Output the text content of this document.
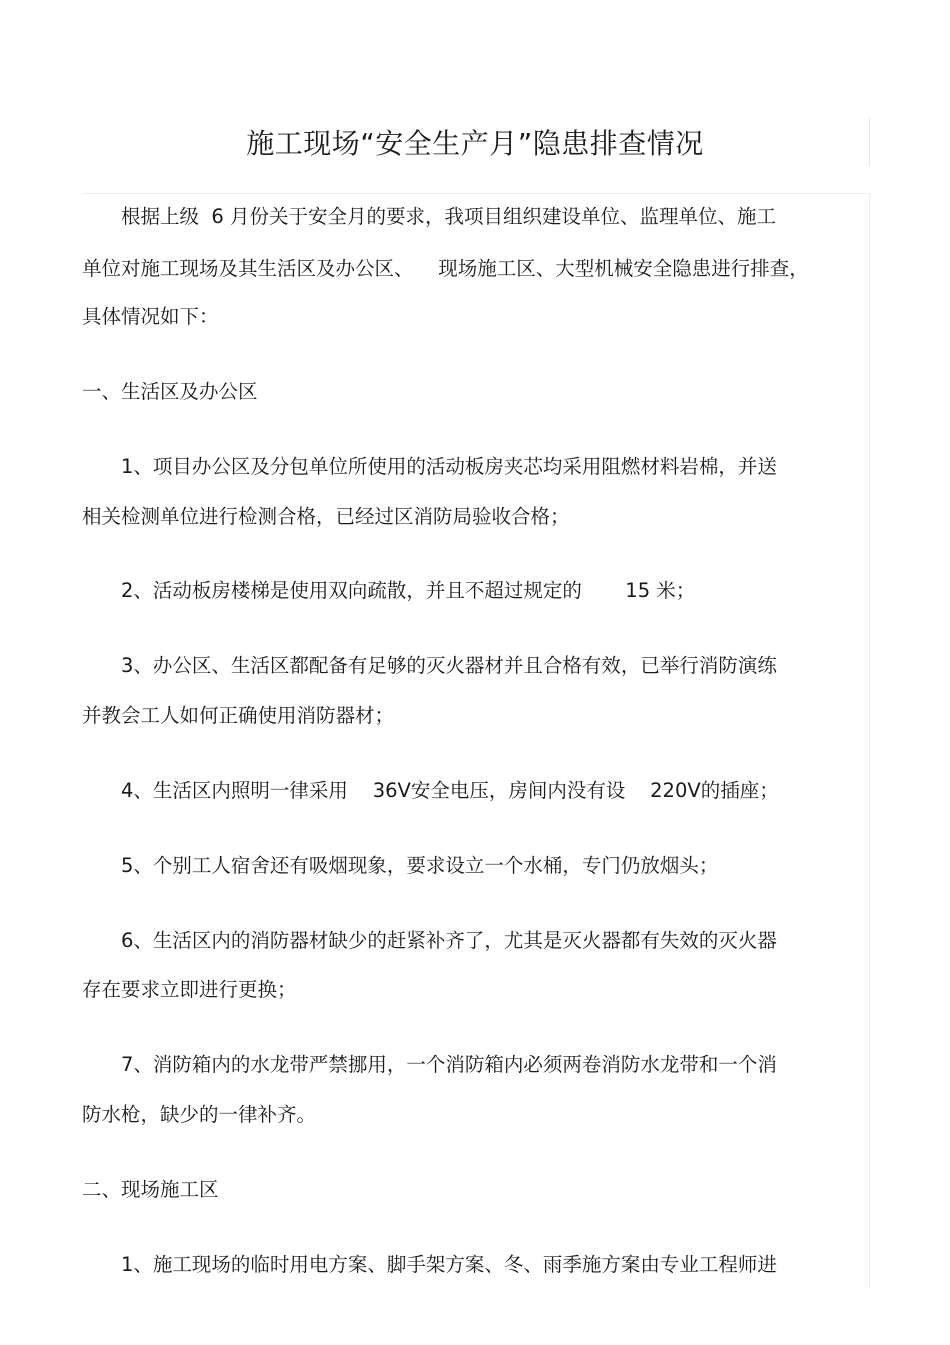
施工现场“安全生产月”隐患排查情况
根据上级  6 月份关于安全月的要求，我项目组织建设单位、监理单位、施工
单位对施工现场及其生活区及办公区、    现场施工区、大型机械安全隐患进行排查，
具体情况如下：
一、生活区及办公区
1、项目办公区及分包单位所使用的活动板房夹芯均采用阻燃材料岩棉，并送
相关检测单位进行检测合格，已经过区消防局验收合格；
2、活动板房楼梯是使用双向疏散，并且不超过规定的       15 米；
3、办公区、生活区都配备有足够的灭火器材并且合格有效，已举行消防演练
并教会工人如何正确使用消防器材；
4、生活区内照明一律采用    36V安全电压，房间内没有设    220V的插座；
5、个别工人宿舍还有吸烟现象，要求设立一个水桶，专门仍放烟头；
6、生活区内的消防器材缺少的赶紧补齐了，尤其是灭火器都有失效的灭火器
存在要求立即进行更换；
7、消防箱内的水龙带严禁挪用，一个消防箱内必须两卷消防水龙带和一个消
防水枪，缺少的一律补齐。
二、现场施工区
1、施工现场的临时用电方案、脚手架方案、冬、雨季施方案由专业工程师进
